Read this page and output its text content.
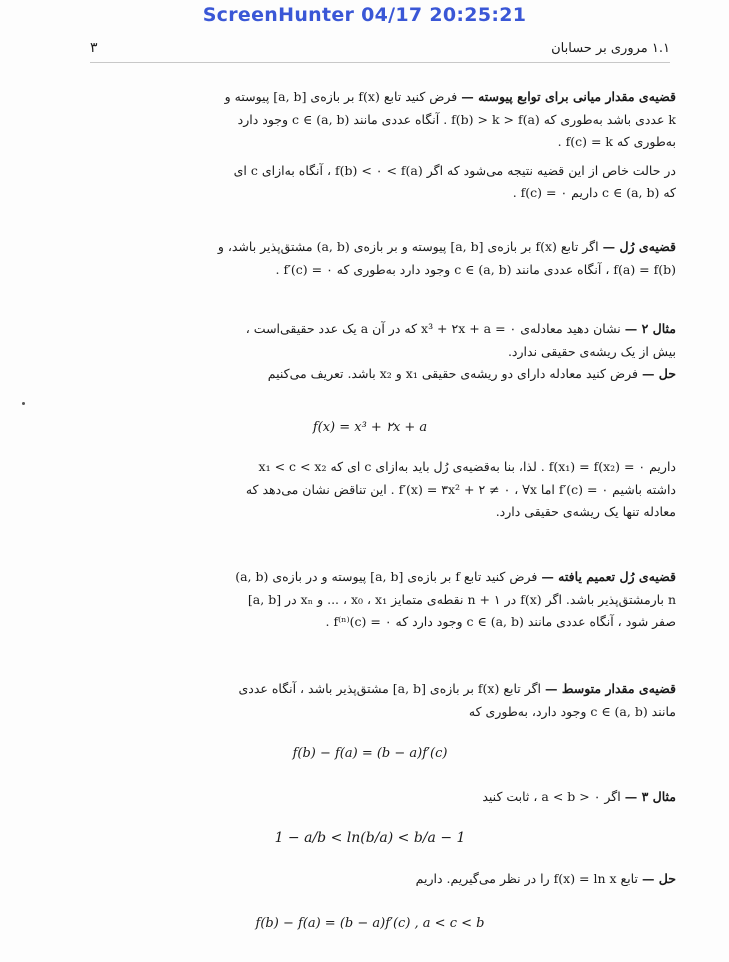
ScreenHunter 04/17 20:25:21
۳	۱.۱ مروری بر حسابان
قضیه‌ی مقدار میانی برای توابع پیوسته — فرض کنید تابع f(x) بر بازه‌ی [a, b] پیوسته و
k عددی باشد به‌طوری که f(b) > k > f(a) . آنگاه عددی مانند c ∈ (a, b) وجود دارد
به‌طوری که f(c) = k .
در حالت خاص از این قضیه نتیجه می‌شود که اگر f(b) < ۰ < f(a) ، آنگاه به‌ازای c ای
که c ∈ (a, b) داریم f(c) = ۰ .
قضیه‌ی رُل — اگر تابع f(x) بر بازه‌ی [a, b] پیوسته و بر بازه‌ی (a, b) مشتق‌پذیر باشد، و
f(a) = f(b) ، آنگاه عددی مانند c ∈ (a, b) وجود دارد به‌طوری که f′(c) = ۰ .
مثال ۲ — نشان دهید معادله‌ی x³ + ۲x + a = ۰ که در آن a یک عدد حقیقی‌است ،
بیش از یک ریشه‌ی حقیقی ندارد.
حل — فرض کنید معادله دارای دو ریشه‌ی حقیقی x₁ و x₂ باشد. تعریف می‌کنیم
f(x) = x³ + ۲x + a
داریم f(x₁) = f(x₂) = ۰ . لذا، بنا به‌قضیه‌ی رُل باید به‌ازای c ای که x₁ < c < x₂
داشته باشیم f′(c) = ۰ اما f′(x) = ۳x² + ۲ ≠ ۰ ، ∀x . این تناقض نشان می‌دهد که
معادله تنها یک ریشه‌ی حقیقی دارد.
قضیه‌ی رُل تعمیم یافته — فرض کنید تابع f بر بازه‌ی [a, b] پیوسته و در بازه‌ی (a, b)
n بارمشتق‌پذیر باشد. اگر f(x) در n + ۱ نقطه‌ی متمایز x₀ ، x₁ ، ... و xₙ در [a, b]
صفر شود ، آنگاه عددی مانند c ∈ (a, b) وجود دارد که f⁽ⁿ⁾(c) = ۰ .
قضیه‌ی مقدار متوسط — اگر تابع f(x) بر بازه‌ی [a, b] مشتق‌پذیر باشد ، آنگاه عددی
مانند c ∈ (a, b) وجود دارد، به‌طوری که
f(b) − f(a) = (b − a)f′(c)
مثال ۳ — اگر ۰ < a < b ، ثابت کنید
1 − a/b < ln(b/a) < b/a − 1
حل — تابع f(x) = ln x را در نظر می‌گیریم. داریم
f(b) − f(a) = (b − a)f′(c) , a < c < b
